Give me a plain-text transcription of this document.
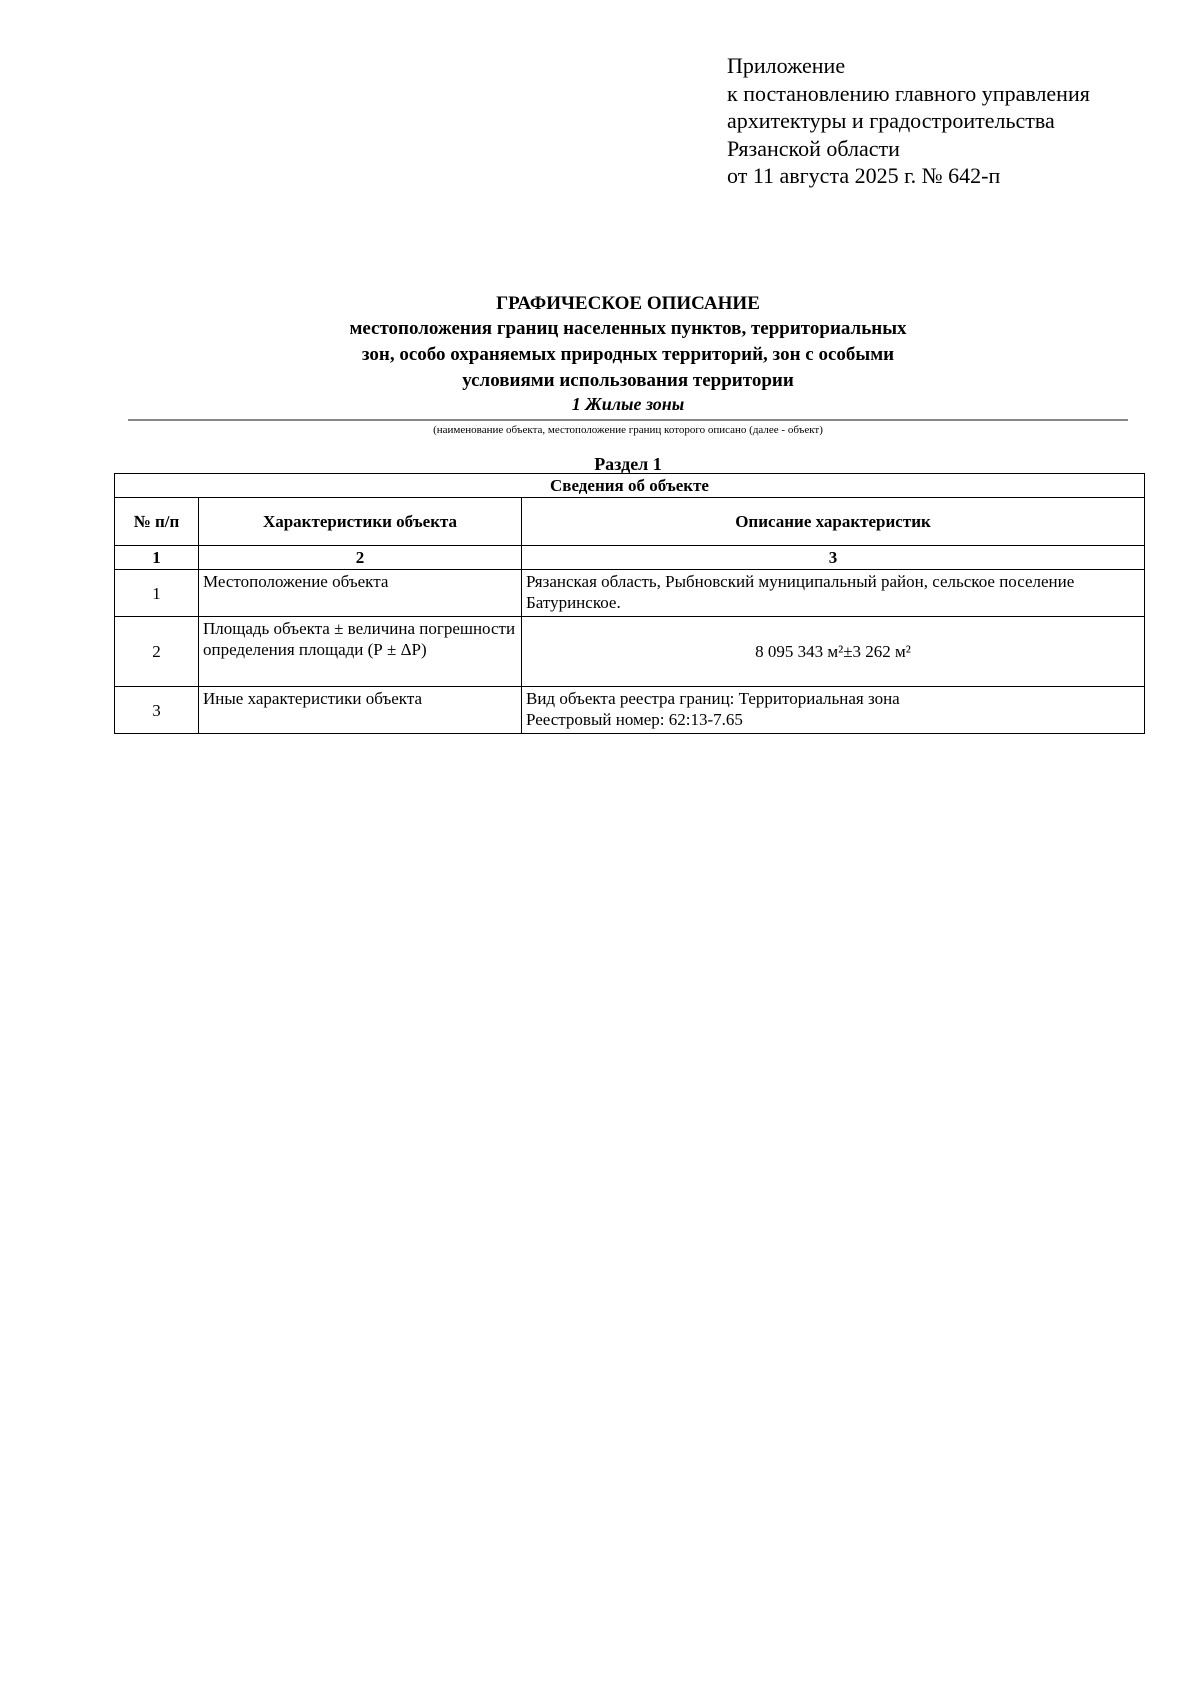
Приложение
к постановлению главного управления
архитектуры и градостроительства
Рязанской области
от 11 августа 2025 г. № 642-п
ГРАФИЧЕСКОЕ ОПИСАНИЕ
местоположения границ населенных пунктов, территориальных
зон, особо охраняемых природных территорий, зон с особыми
условиями использования территории
1 Жилые зоны
(наименование объекта, местоположение границ которого описано (далее - объект)
Раздел 1
Сведения об объекте		
№ п/п	Характеристики объекта	Описание характеристик
1	2	3
1	Местоположение объекта	Рязанская область, Рыбновский муниципальный район, сельское поселение Батуринское.
2	Площадь объекта ± величина погрешности определения площади (Р ± ΔР)	8 095 343 м²±3 262 м²
3	Иные характеристики объекта	Вид объекта реестра границ: Территориальная зона
Реестровый номер: 62:13-7.65
